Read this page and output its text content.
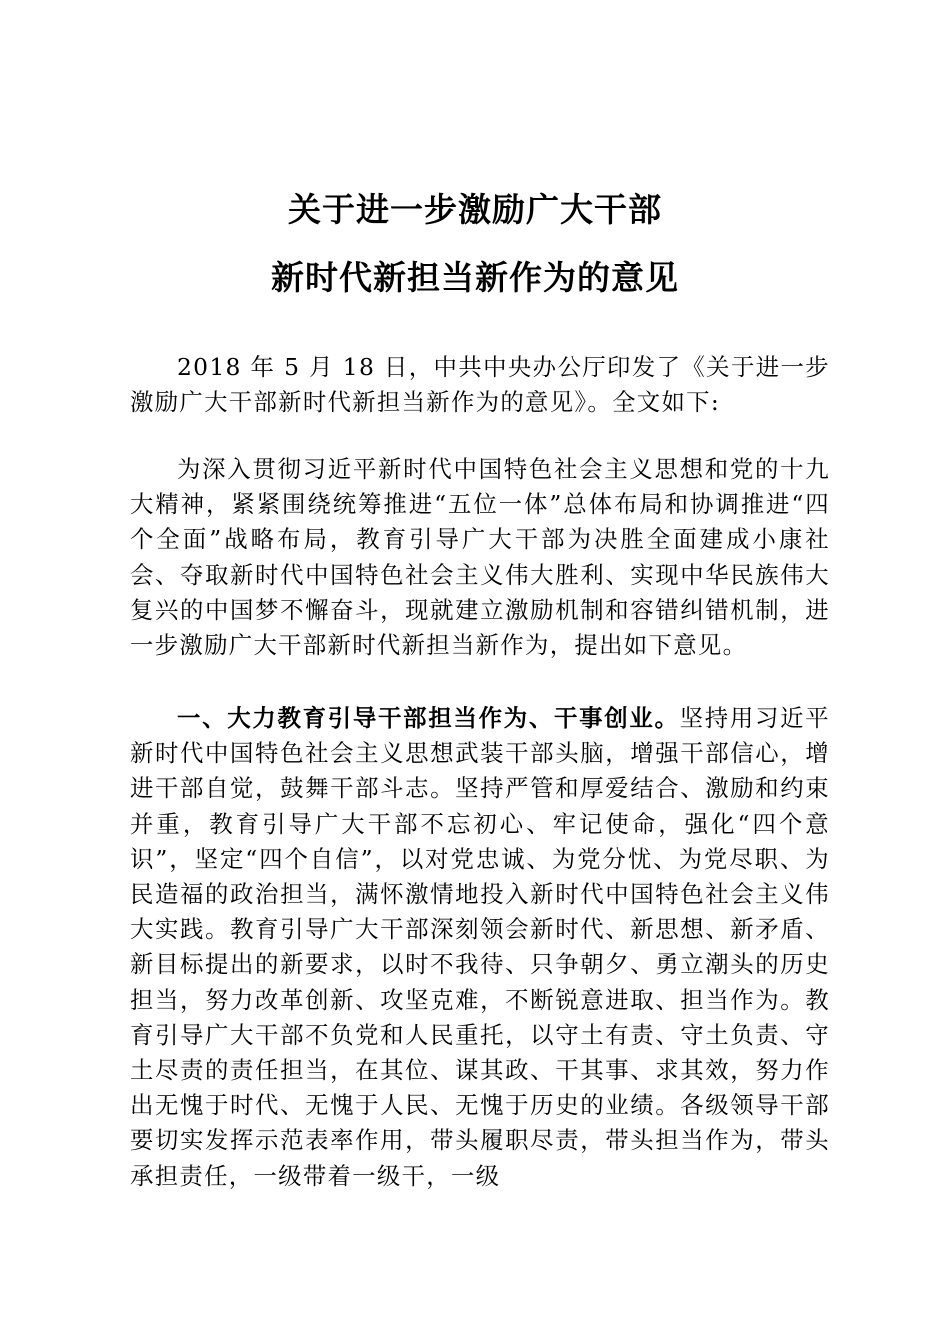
关于进一步激励广大干部
新时代新担当新作为的意见

2018 年 5 月 18 日，中共中央办公厅印发了《关于进一步激励广大干部新时代新担当新作为的意见》。全文如下:

为深入贯彻习近平新时代中国特色社会主义思想和党的十九大精神，紧紧围绕统筹推进“五位一体”总体布局和协调推进“四个全面”战略布局，教育引导广大干部为决胜全面建成小康社会、夺取新时代中国特色社会主义伟大胜利、实现中华民族伟大复兴的中国梦不懈奋斗，现就建立激励机制和容错纠错机制，进一步激励广大干部新时代新担当新作为，提出如下意见。

一、大力教育引导干部担当作为、干事创业。坚持用习近平新时代中国特色社会主义思想武装干部头脑，增强干部信心，增进干部自觉，鼓舞干部斗志。坚持严管和厚爱结合、激励和约束并重，教育引导广大干部不忘初心、牢记使命，强化“四个意识”，坚定“四个自信”，以对党忠诚、为党分忧、为党尽职、为民造福的政治担当，满怀激情地投入新时代中国特色社会主义伟大实践。教育引导广大干部深刻领会新时代、新思想、新矛盾、新目标提出的新要求，以时不我待、只争朝夕、勇立潮头的历史担当，努力改革创新、攻坚克难，不断锐意进取、担当作为。教育引导广大干部不负党和人民重托，以守土有责、守土负责、守土尽责的责任担当，在其位、谋其政、干其事、求其效，努力作出无愧于时代、无愧于人民、无愧于历史的业绩。各级领导干部要切实发挥示范表率作用，带头履职尽责，带头担当作为，带头承担责任，一级带着一级干，一级
